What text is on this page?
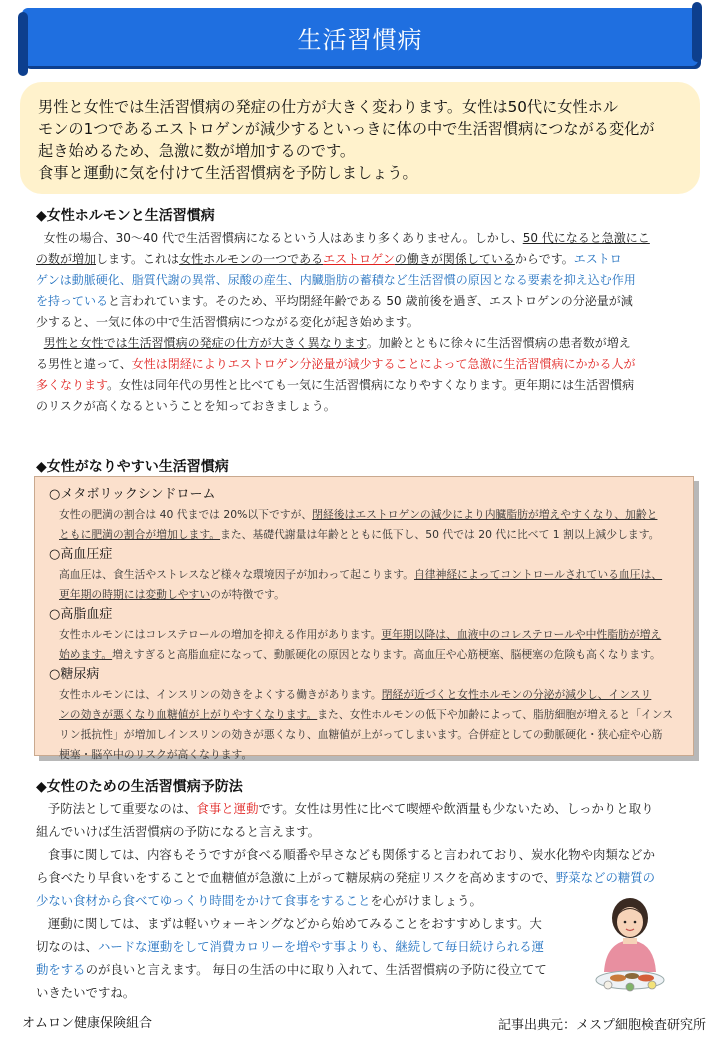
生活習慣病

男性と女性では生活習慣病の発症の仕方が大きく変わります。女性は50代に女性ホル

モンの1つであるエストロゲンが減少するといっきに体の中で生活習慣病につながる変化が

起き始めるため、急激に数が増加するのです。

食事と運動に気を付けて生活習慣病を予防しましょう。

◆女性ホルモンと生活習慣病

女性の場合、30～40 代で生活習慣病になるという人はあまり多くありません。しかし、50 代になると急激にこ

の数が増加します。これは女性ホルモンの一つであるエストロゲンの働きが関係しているからです。エストロ

ゲンは動脈硬化、脂質代謝の異常、尿酸の産生、内臓脂肪の蓄積など生活習慣の原因となる要素を抑え込む作用

を持っていると言われています。そのため、平均閉経年齢である 50 歳前後を過ぎ、エストロゲンの分泌量が減

少すると、一気に体の中で生活習慣病につながる変化が起き始めます。

男性と女性では生活習慣病の発症の仕方が大きく異なります。加齢とともに徐々に生活習慣病の患者数が増え

る男性と違って、女性は閉経によりエストロゲン分泌量が減少することによって急激に生活習慣病にかかる人が

多くなります。女性は同年代の男性と比べても一気に生活習慣病になりやすくなります。更年期には生活習慣病

のリスクが高くなるということを知っておきましょう。

◆女性がなりやすい生活習慣病
○メタボリックシンドローム

女性の肥満の割合は 40 代までは 20%以下ですが、閉経後はエストロゲンの減少により内臓脂肪が増えやすくなり、加齢と

ともに肥満の割合が増加します。また、基礎代謝量は年齢とともに低下し、50 代では 20 代に比べて 1 割以上減少します。

○高血圧症

高血圧は、食生活やストレスなど様々な環境因子が加わって起こります。自律神経によってコントロールされている血圧は、

更年期の時期には変動しやすいのが特徴です。

○高脂血症

女性ホルモンにはコレステロールの増加を抑える作用があります。更年期以降は、血液中のコレステロールや中性脂肪が増え

始めます。増えすぎると高脂血症になって、動脈硬化の原因となります。高血圧や心筋梗塞、脳梗塞の危険も高くなります。

○糖尿病

女性ホルモンには、インスリンの効きをよくする働きがあります。閉経が近づくと女性ホルモンの分泌が減少し、インスリ

ンの効きが悪くなり血糖値が上がりやすくなります。また、女性ホルモンの低下や加齢によって、脂肪細胞が増えると「インス

リン抵抗性」が増加しインスリンの効きが悪くなり、血糖値が上がってしまいます。合併症としての動脈硬化・狭心症や心筋

梗塞・脳卒中のリスクが高くなります。

◆女性のための生活習慣病予防法

予防法として重要なのは、食事と運動です。女性は男性に比べて喫煙や飲酒量も少ないため、しっかりと取り

組んでいけば生活習慣病の予防になると言えます。

食事に関しては、内容もそうですが食べる順番や早さなども関係すると言われており、炭水化物や肉類などか

ら食べたり早食いをすることで血糖値が急激に上がって糖尿病の発症リスクを高めますので、野菜などの糖質の

少ない食材から食べてゆっくり時間をかけて食事をすることを心がけましょう。

運動に関しては、まずは軽いウォーキングなどから始めてみることをおすすめします。大

切なのは、ハードな運動をして消費カロリーを増やす事よりも、継続して毎日続けられる運

動をするのが良いと言えます。 毎日の生活の中に取り入れて、生活習慣病の予防に役立てて

いきたいですね。

オムロン健康保険組合	記事出典元：メスプ細胞検査研究所
